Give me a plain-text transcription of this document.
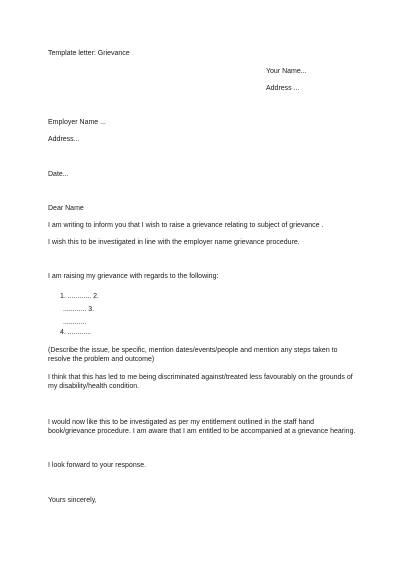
Template letter: Grievance
Your Name...
Address ...
Employer Name ...
Address...
Date...
Dear Name
I am writing to inform you that I wish to raise a grievance relating to subject of grievance .
I wish this to be investigated in line with the employer name grievance procedure.
I am raising my grievance with regards to the following:
1. ............ 2.
............ 3.
............
4. ............
(Describe the issue, be specific, mention dates/events/people and mention any steps taken to
resolve the problem and outcome)
I think that this has led to me being discriminated against/treated less favourably on the grounds of
my disability/health condition.
I would now like this to be investigated as per my entitlement outlined in the staff hand
book/grievance procedure. I am aware that I am entitled to be accompanied at a grievance hearing.
I look forward to your response.
Yours sincerely,
